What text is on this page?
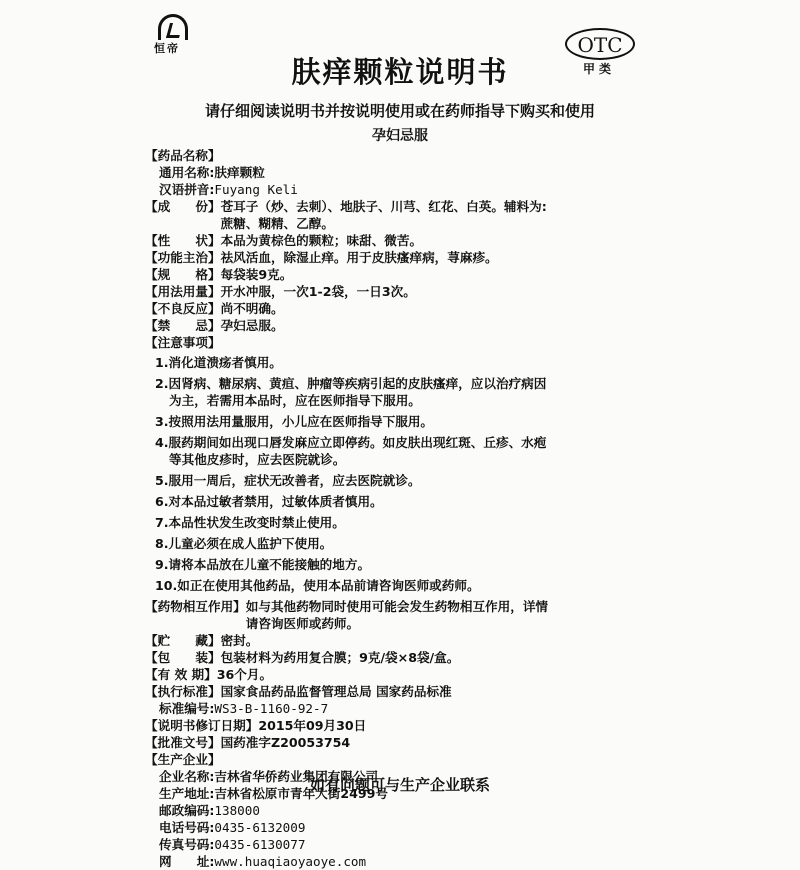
恒帝	OTC
甲类
肤痒颗粒说明书
请仔细阅读说明书并按说明使用或在药师指导下购买和使用
孕妇忌服
【药品名称】
通用名称: 肤痒颗粒
汉语拼音: Fuyang Keli
【成　　份】 苍耳子（炒、去刺）、地肤子、川芎、红花、白英。辅料为:
蔗糖、糊精、乙醇。
【性　　状】 本品为黄棕色的颗粒；味甜、微苦。
【功能主治】 祛风活血，除湿止痒。用于皮肤瘙痒病，荨麻疹。
【规　　格】 每袋装9克。
【用法用量】 开水冲服，一次1-2袋，一日3次。
【不良反应】 尚不明确。
【禁　　忌】 孕妇忌服。
【注意事项】
1.消化道溃疡者慎用。
2.因肾病、糖尿病、黄疸、肿瘤等疾病引起的皮肤瘙痒，应以治疗病因
为主，若需用本品时，应在医师指导下服用。
3.按照用法用量服用，小儿应在医师指导下服用。
4.服药期间如出现口唇发麻应立即停药。如皮肤出现红斑、丘疹、水疱
等其他皮疹时，应去医院就诊。
5.服用一周后，症状无改善者，应去医院就诊。
6.对本品过敏者禁用，过敏体质者慎用。
7.本品性状发生改变时禁止使用。
8.儿童必须在成人监护下使用。
9.请将本品放在儿童不能接触的地方。
10.如正在使用其他药品，使用本品前请咨询医师或药师。
【药物相互作用】 如与其他药物同时使用可能会发生药物相互作用，详情
请咨询医师或药师。
【贮　　藏】 密封。
【包　　装】 包装材料为药用复合膜；9克/袋×8袋/盒。
【有 效 期】 36个月。
【执行标准】 国家食品药品监督管理总局 国家药品标准
标准编号: WS3-B-1160-92-7
【说明书修订日期】 2015年09月30日
【批准文号】 国药准字Z20053754
【生产企业】
企业名称: 吉林省华侨药业集团有限公司
生产地址: 吉林省松原市青年大街2499号
邮政编码: 138000
电话号码: 0435-6132009
传真号码: 0435-6130077
网　　址: www.huaqiaoyaoye.com
如有问题可与生产企业联系
